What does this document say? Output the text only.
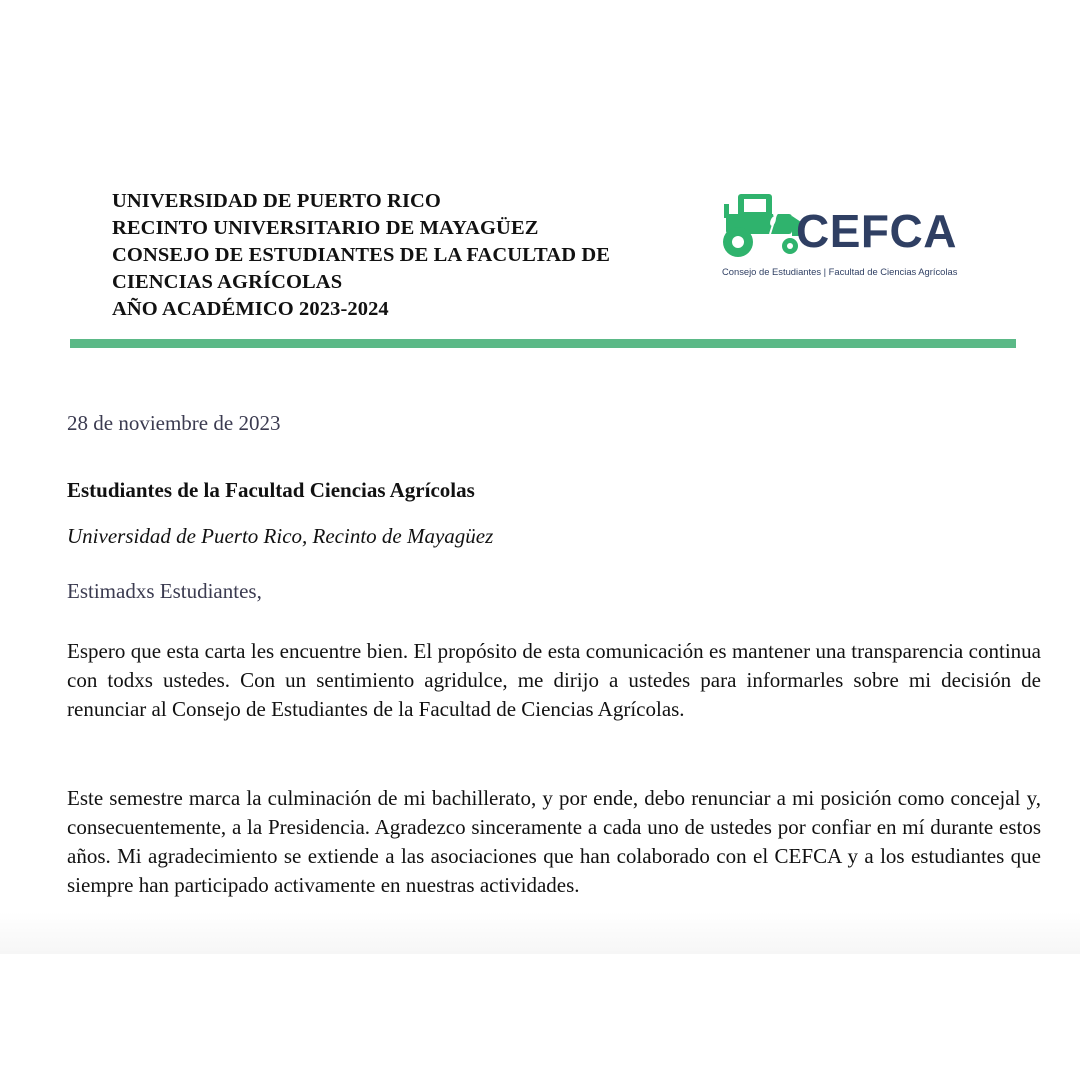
UNIVERSIDAD DE PUERTO RICO
RECINTO UNIVERSITARIO DE MAYAGÜEZ
CONSEJO DE ESTUDIANTES DE LA FACULTAD DE
CIENCIAS AGRÍCOLAS
AÑO ACADÉMICO 2023-2024
CEFCA
Consejo de Estudiantes | Facultad de Ciencias Agrícolas
28 de noviembre de 2023
Estudiantes de la Facultad Ciencias Agrícolas
Universidad de Puerto Rico, Recinto de Mayagüez
Estimadxs Estudiantes,
Espero que esta carta les encuentre bien. El propósito de esta comunicación es mantener una transparencia continua con todxs ustedes. Con un sentimiento agridulce, me dirijo a ustedes para informarles sobre mi decisión de renunciar al Consejo de Estudiantes de la Facultad de Ciencias Agrícolas.
Este semestre marca la culminación de mi bachillerato, y por ende, debo renunciar a mi posición como concejal y, consecuentemente, a la Presidencia. Agradezco sinceramente a cada uno de ustedes por confiar en mí durante estos años. Mi agradecimiento se extiende a las asociaciones que han colaborado con el CEFCA y a los estudiantes que siempre han participado activamente en nuestras actividades.
